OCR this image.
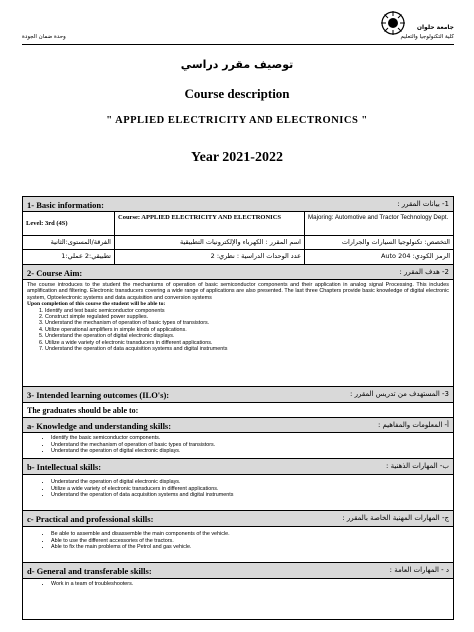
وحدة ضمان الجودة
جامعة حلوان
كلية التكنولوجيا والتعليم
توصيف مقرر دراسي
Course description
" APPLIED ELECTRICITY AND ELECTRONICS "
Year 2021-2022
1- Basic information:	1- بيانات المقرر :
Level: 3rd (4S)
Course: APPLIED ELECTRICITY AND ELECTRONICS	Majoring: Automotive and Tractor Technology Dept.
الفرقة/المستوى:الثانية	اسم المقرر : الكهرباء والإلكترونيات التطبيقية	التخصص: تكنولوجيا السيارات والجرارات
تطبيقي:2 عملي:1	عدد الوحدات الدراسية : نظري: 2	الرمز الكودي: Auto 204
2- Course Aim:	2- هدف المقرر :
The course introduces to the student the mechanisms of operation of basic semiconductor components and their application in analog signal Processing. This includes amplification and filtering. Electronic transducers covering a wide range of applications are also presented. The last three Chapters provide basic knowledge of digital electronic system, Optoelectronic systems and data acquisition and conversion systems
Upon completion of this course the student will be able to:
1. Identify and test basic semiconductor components
2. Construct simple regulated power supplies.
3. Understand the mechanism of operation of basic types of transistors.
4. Utilize operational amplifiers in simple kinds of applications.
5. Understand the operation of digital electronic displays.
6. Utilize a wide variety of electronic transducers in different applications.
7. Understand the operation of data acquisition systems and digital instruments
3- Intended learning outcomes (ILO's):	3- المستهدف من تدريس المقرر :
The graduates should be able to:
a- Knowledge and understanding skills:	أ- المعلومات والمفاهيم :
• Identify the basic semiconductor components.
• Understand the mechanism of operation of basic types of transistors.
• Understand the operation of digital electronic displays.
b- Intellectual skills:	ب- المهارات الذهنية :
• Understand the operation of digital electronic displays.
• Utilize a wide variety of electronic transducers in different applications.
• Understand the operation of data acquisition systems and digital instruments
c- Practical and professional skills:	ج- المهارات المهنية الخاصة بالمقرر :
• Be able to assemble and disassemble the main components of the vehicle.
• Able to use the different accessories of the tractors.
• Able to fix the main problems of the Petrol and gas vehicle.
d- General and transferable skills:	د - المهارات العامة :
• Work in a team of troubleshooters.
